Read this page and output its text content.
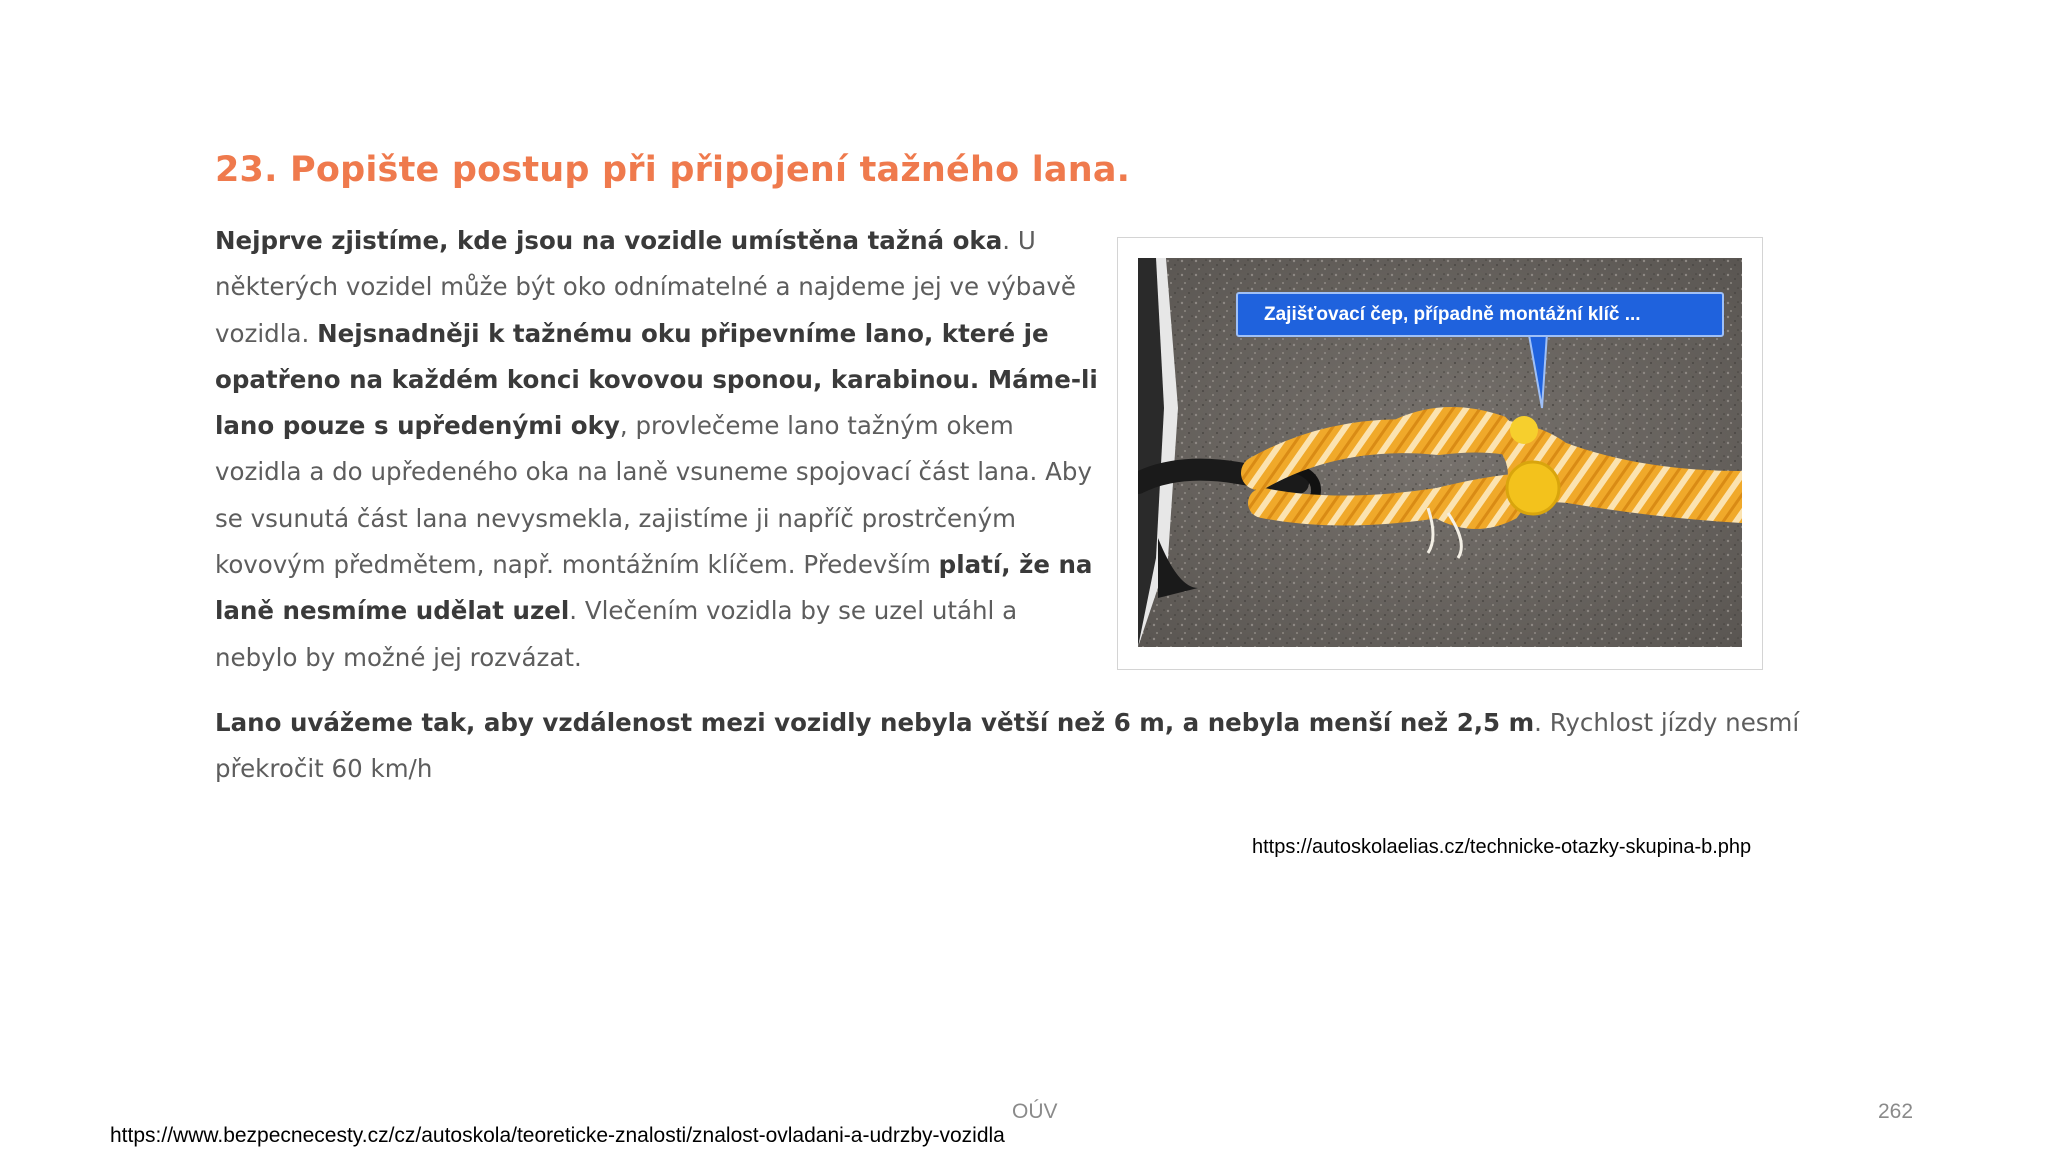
23. Popište postup při připojení tažného lana.
Nejprve zjistíme, kde jsou na vozidle umístěna tažná oka. U některých vozidel může být oko odnímatelné a najdeme jej ve výbavě vozidla. Nejsnadněji k tažnému oku připevníme lano, které je opatřeno na každém konci kovovou sponou, karabinou. Máme-li lano pouze s upředenými oky, provlečeme lano tažným okem vozidla a do upředeného oka na laně vsuneme spojovací část lana. Aby se vsunutá část lana nevysmekla, zajistíme ji napříč prostrčeným kovovým předmětem, např. montážním klíčem. Především platí, že na laně nesmíme udělat uzel. Vlečením vozidla by se uzel utáhl a nebylo by možné jej rozvázat.
Zajišťovací čep, případně montážní klíč ...
Lano uvážeme tak, aby vzdálenost mezi vozidly nebyla větší než 6 m, a nebyla menší než 2,5 m. Rychlost jízdy nesmí překročit 60 km/h
https://autoskolaelias.cz/technicke-otazky-skupina-b.php
OÚV	262
https://www.bezpecnecesty.cz/cz/autoskola/teoreticke-znalosti/znalost-ovladani-a-udrzby-vozidla
